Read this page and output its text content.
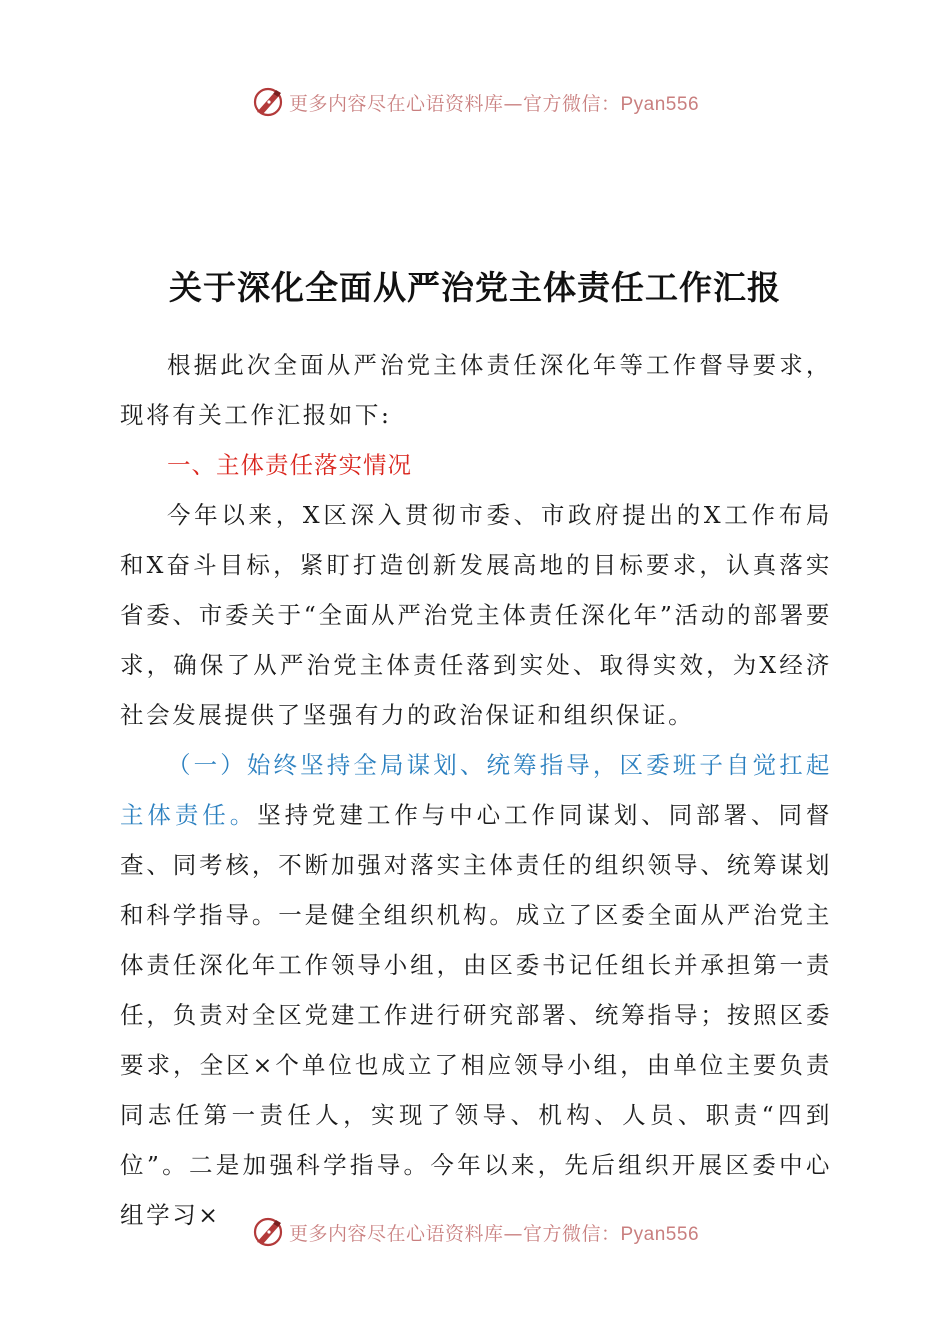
更多内容尽在心语资料库—官方微信：Pyan556
关于深化全面从严治党主体责任工作汇报

根据此次全面从严治党主体责任深化年等工作督导要求，现将有关工作汇报如下:

一、主体责任落实情况

今年以来，X区深入贯彻市委、市政府提出的X工作布局和X奋斗目标，紧盯打造创新发展高地的目标要求，认真落实省委、市委关于“全面从严治党主体责任深化年”活动的部署要求，确保了从严治党主体责任落到实处、取得实效，为X经济社会发展提供了坚强有力的政治保证和组织保证。

（一）始终坚持全局谋划、统筹指导，区委班子自觉扛起主体责任。坚持党建工作与中心工作同谋划、同部署、同督查、同考核，不断加强对落实主体责任的组织领导、统筹谋划和科学指导。一是健全组织机构。成立了区委全面从严治党主体责任深化年工作领导小组，由区委书记任组长并承担第一责任，负责对全区党建工作进行研究部署、统筹指导；按照区委要求，全区×个单位也成立了相应领导小组，由单位主要负责同志任第一责任人，实现了领导、机构、人员、职责“四到位”。二是加强科学指导。今年以来，先后组织开展区委中心组学习×

更多内容尽在心语资料库—官方微信：Pyan556
